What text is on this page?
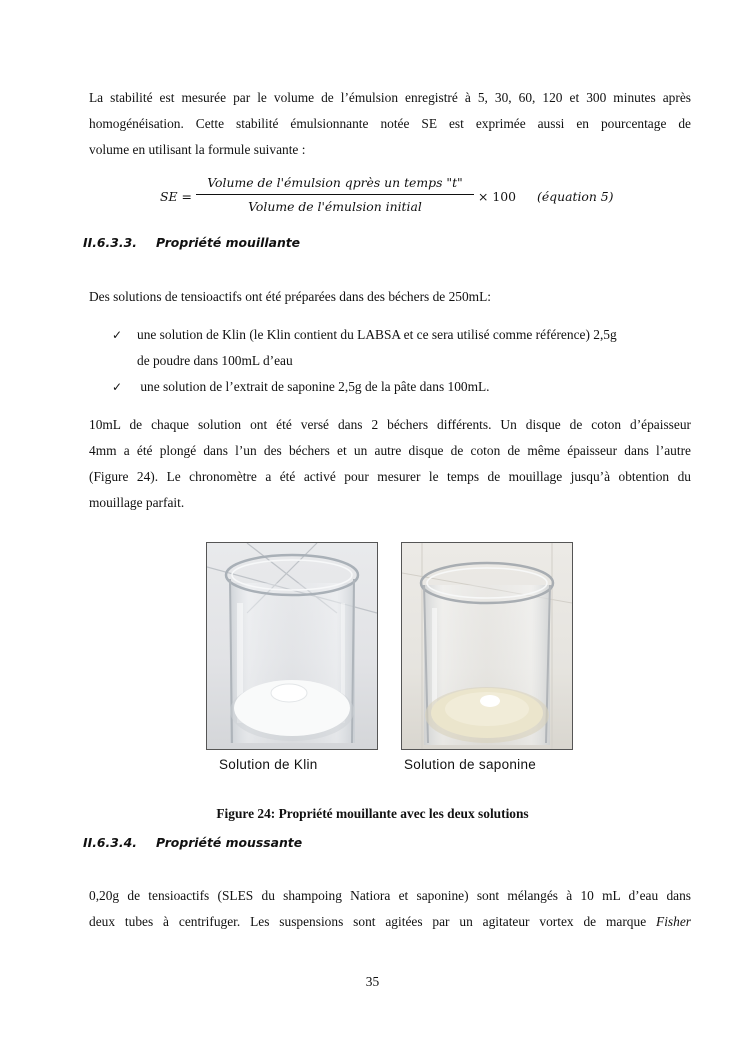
La stabilité est mesurée par le volume de l’émulsion enregistré à 5, 30, 60, 120 et 300 minutes après
homogénéisation. Cette stabilité émulsionnante notée SE est exprimée aussi en pourcentage de
volume en utilisant la formule suivante :

SE =
Volume de l'émulsion qprès un temps "t"
Volume de l'émulsion initial
× 100 (équation 5)
II.6.3.3. Propriété mouillante

Des solutions de tensioactifs ont été préparées dans des béchers de 250mL:

✓ une solution de Klin (le Klin contient du LABSA et ce sera utilisé comme référence) 2,5g
de poudre dans 100mL d’eau
✓ une solution de l’extrait de saponine 2,5g de la pâte dans 100mL.

10mL de chaque solution ont été versé dans 2 béchers différents. Un disque de coton d’épaisseur
4mm a été plongé dans l’un des béchers et un autre disque de coton de même épaisseur dans l’autre
(Figure 24). Le chronomètre a été activé pour mesurer le temps de mouillage jusqu’à obtention du
mouillage parfait.

Solution de Klin	Solution de saponine
Figure 24: Propriété mouillante avec les deux solutions
II.6.3.4. Propriété moussante

0,20g de tensioactifs (SLES du shampoing Natiora et saponine) sont mélangés à 10 mL d’eau dans
deux tubes à centrifuger. Les suspensions sont agitées par un agitateur vortex de marque Fisher

35
